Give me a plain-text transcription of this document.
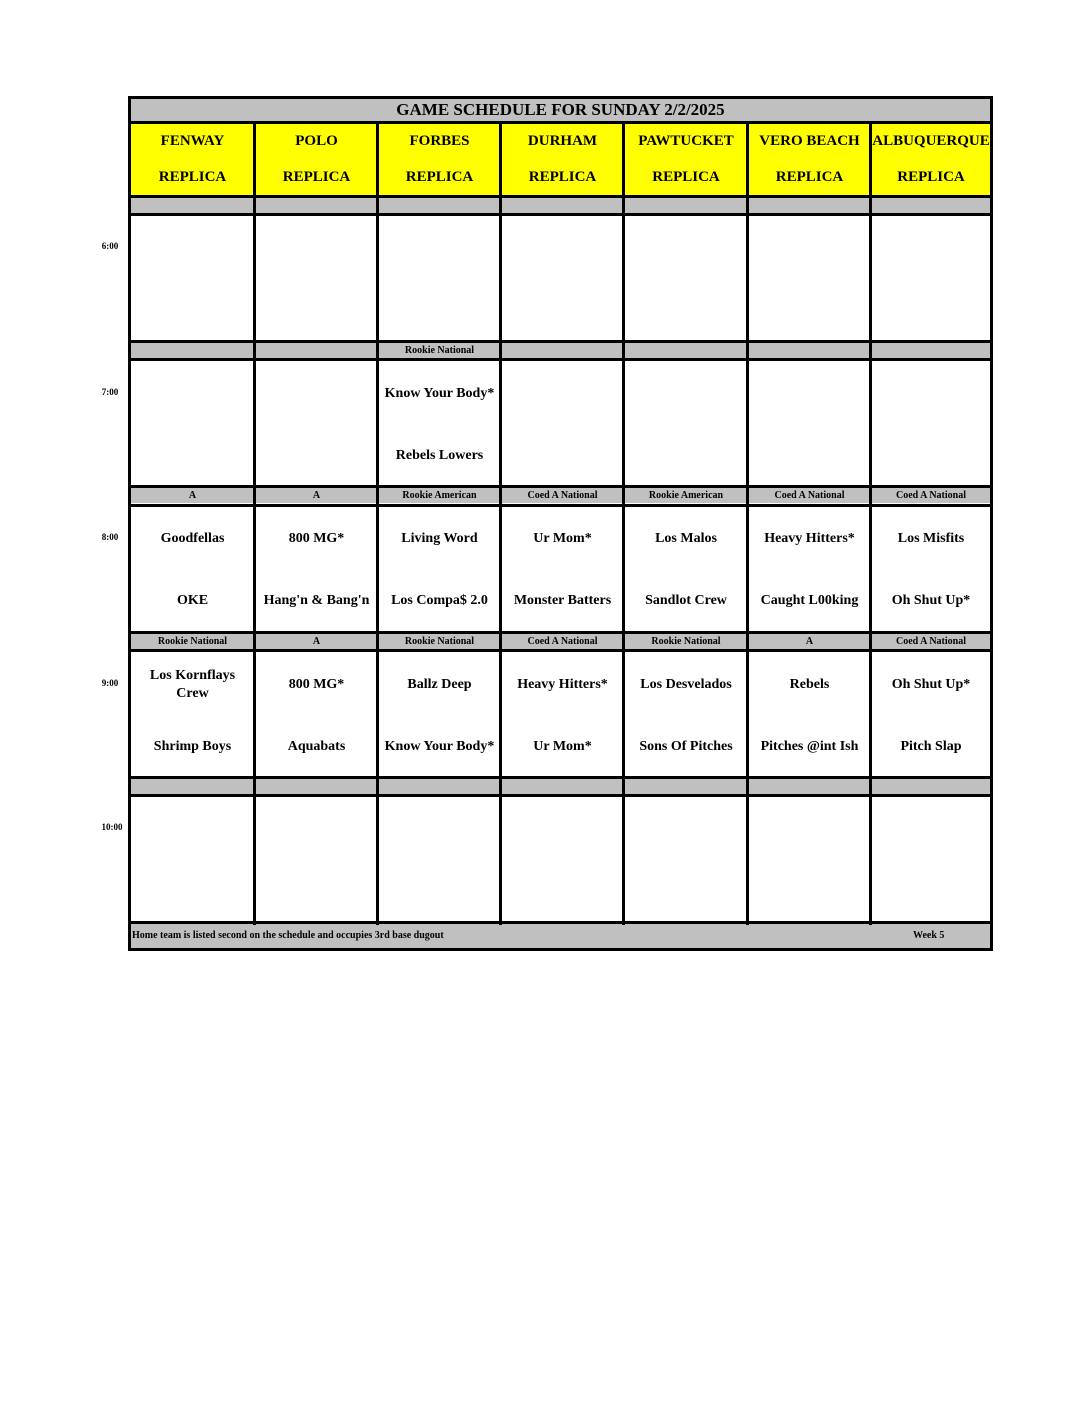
GAME SCHEDULE FOR SUNDAY 2/2/2025
Home team is listed second on the schedule and occupies 3rd base dugout	Week 5
FENWAY
REPLICA
POLO
REPLICA
FORBES
REPLICA
DURHAM
REPLICA
PAWTUCKET
REPLICA
VERO BEACH
REPLICA
ALBUQUERQUE
REPLICA
6:00
7:00
Rookie National
Know Your Body*
Rebels Lowers
8:00
A
Goodfellas
OKE
A
800 MG*
Hang'n & Bang'n
Rookie American
Living Word
Los Compa$ 2.0
Coed A National
Ur Mom*
Monster Batters
Rookie American
Los Malos
Sandlot Crew
Coed A National
Heavy Hitters*
Caught L00king
Coed A National
Los Misfits
Oh Shut Up*
9:00
Rookie National
Los Kornflays Crew
Shrimp Boys
A
800 MG*
Aquabats
Rookie National
Ballz Deep
Know Your Body*
Coed A National
Heavy Hitters*
Ur Mom*
Rookie National
Los Desvelados
Sons Of Pitches
A
Rebels
Pitches @int Ish
Coed A National
Oh Shut Up*
Pitch Slap
10:00
